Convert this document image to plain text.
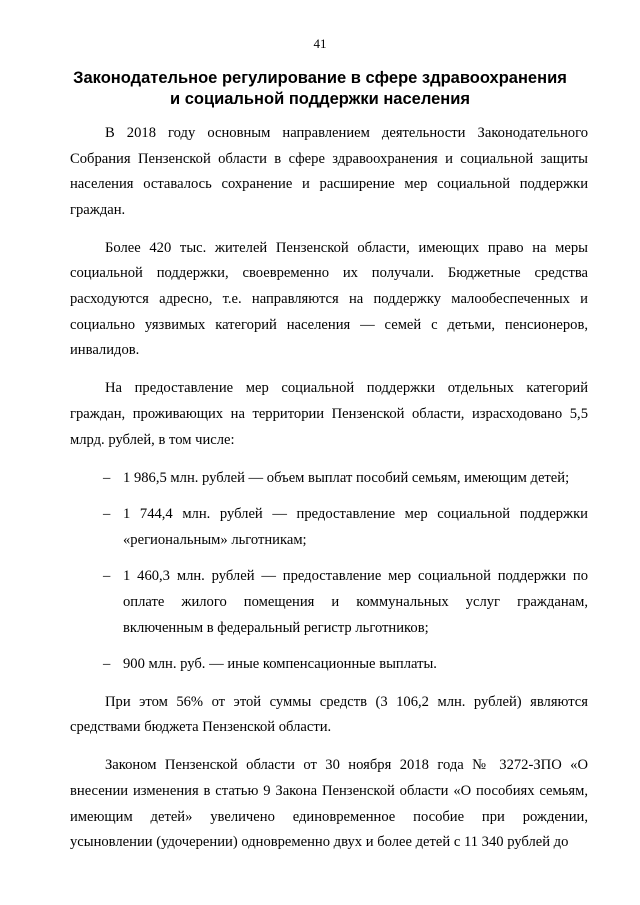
41
Законодательное регулирование в сфере здравоохранения
и социальной поддержки населения

В 2018 году основным направлением деятельности Законодательного Собрания Пензенской области в сфере здравоохранения и социальной защиты населения оставалось сохранение и расширение мер социальной поддержки граждан.

Более 420 тыс. жителей Пензенской области, имеющих право на меры социальной поддержки, своевременно их получали. Бюджетные средства расходуются адресно, т.е. направляются на поддержку малообеспеченных и социально уязвимых категорий населения — семей с детьми, пенсионеров, инвалидов.

На предоставление мер социальной поддержки отдельных категорий граждан, проживающих на территории Пензенской области, израсходовано 5,5 млрд. рублей, в том числе:

– 1 986,5 млн. рублей — объем выплат пособий семьям, имеющим детей;
– 1 744,4 млн. рублей — предоставление мер социальной поддержки «региональным» льготникам;
– 1 460,3 млн. рублей — предоставление мер социальной поддержки по оплате жилого помещения и коммунальных услуг гражданам, включенным в федеральный регистр льготников;
– 900 млн. руб. — иные компенсационные выплаты.

При этом 56% от этой суммы средств (3 106,2 млн. рублей) являются средствами бюджета Пензенской области.

Законом Пензенской области от 30 ноября 2018 года № 3272-ЗПО «О внесении изменения в статью 9 Закона Пензенской области «О пособиях семьям, имеющим детей» увеличено единовременное пособие при рождении, усыновлении (удочерении) одновременно двух и более детей с 11 340 рублей до
